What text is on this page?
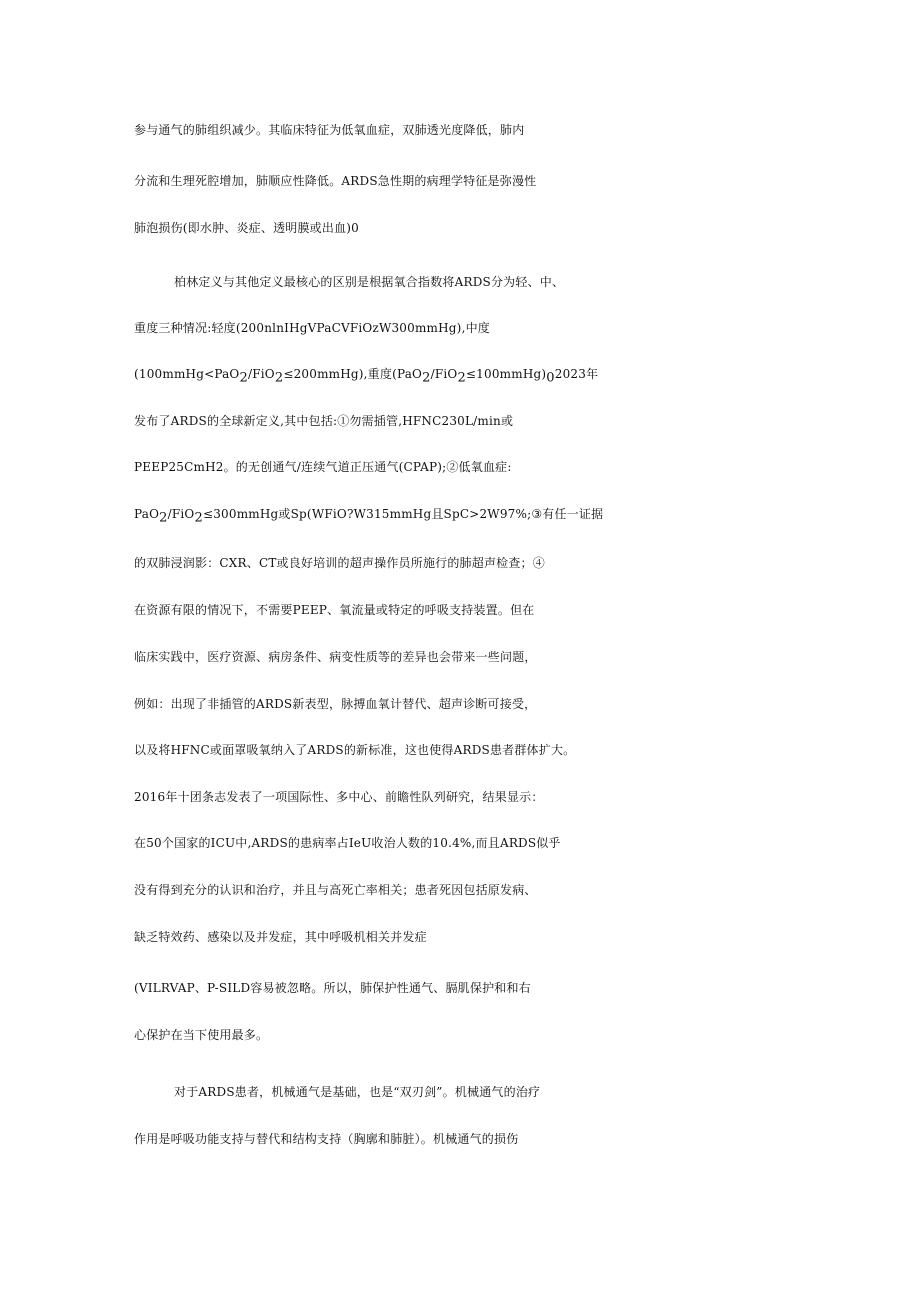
参与通气的肺组织减少。其临床特征为低氧血症，双肺透光度降低，肺内

分流和生理死腔增加，肺顺应性降低。ARDS急性期的病理学特征是弥漫性

肺泡损伤(即水肿、炎症、透明膜或出血)0

柏林定义与其他定义最核心的区别是根据氧合指数将ARDS分为轻、中、

重度三种情况:轻度(200nlnIHgVPaCVFiOzW300mmHg),中度

(100mmHg<PaO$_2$/FiO$_2$≤200mmHg),重度$(PaO_2/FiO_2\le 100mmHg)_02023$年

发布了ARDS的全球新定义,其中包括:①勿需插管,HFNC230L/min或

PEEP25CmH2。的无创通气/连续气道正压通气(CPAP);②低氧血症:

PaO$_2$/FiO$_2$≤300mmHg或Sp(WFiO?W315mmHg且SpC>2W97%;③有任一证据

的双肺浸润影：CXR、CT或良好培训的超声操作员所施行的肺超声检查；④

在资源有限的情况下，不需要PEEP、氧流量或特定的呼吸支持装置。但在

临床实践中，医疗资源、病房条件、病变性质等的差异也会带来一些问题，

例如：出现了非插管的ARDS新表型，脉搏血氧计替代、超声诊断可接受，

以及将HFNC或面罩吸氧纳入了ARDS的新标准，这也使得ARDS患者群体扩大。

2016年十团条志发表了一项国际性、多中心、前瞻性队列研究，结果显示：

在50个国家的ICU中,ARDS的患病率占IeU收治人数的10.4%,而且ARDS似乎

没有得到充分的认识和治疗，并且与高死亡率相关；患者死因包括原发病、

缺乏特效药、感染以及并发症，其中呼吸机相关并发症

(VILRVAP、P-SILD容易被忽略。所以，肺保护性通气、膈肌保护和和右

心保护在当下使用最多。

对于ARDS患者，机械通气是基础，也是“双刃剑”。机械通气的治疗

作用是呼吸功能支持与替代和结构支持（胸廓和肺脏）。机械通气的损伤
